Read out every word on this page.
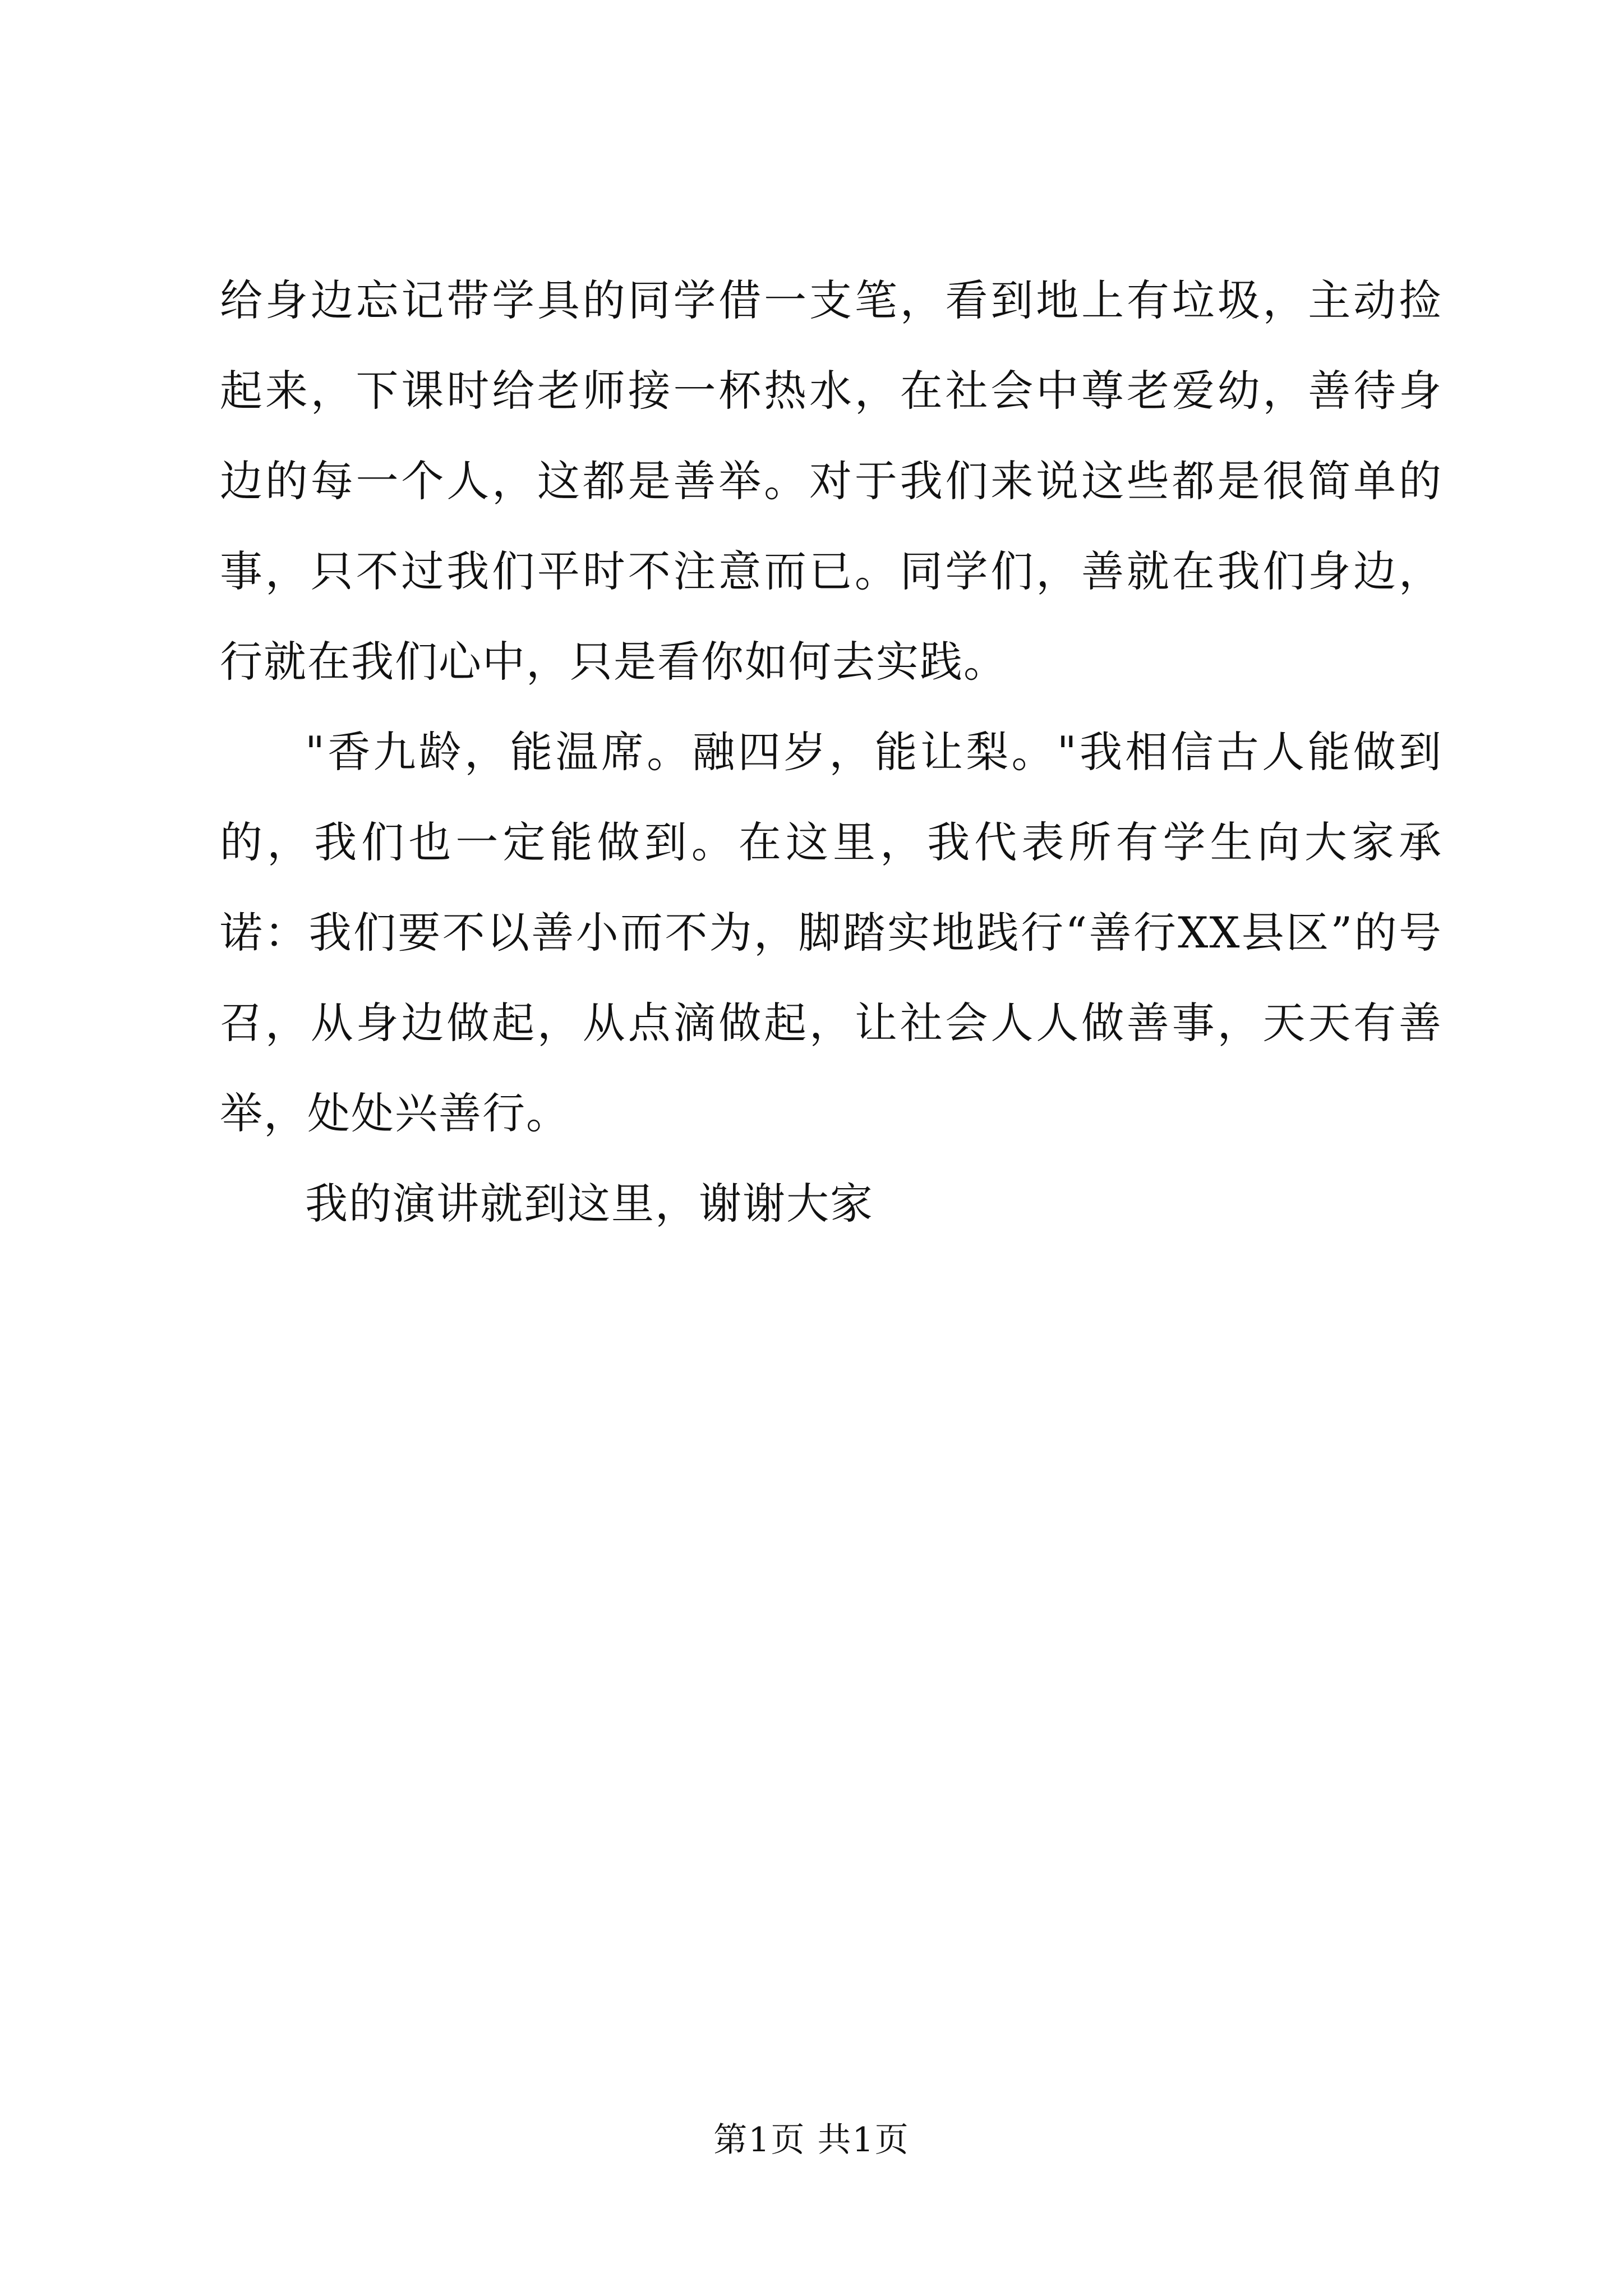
给身边忘记带学具的同学借一支笔，看到地上有垃圾，主动捡起来，下课时给老师接一杯热水，在社会中尊老爱幼，善待身边的每一个人，这都是善举。对于我们来说这些都是很简单的事，只不过我们平时不注意而已。同学们，善就在我们身边，行就在我们心中，只是看你如何去实践。

"香九龄，能温席。融四岁，能让梨。"我相信古人能做到的，我们也一定能做到。在这里，我代表所有学生向大家承诺：我们要不以善小而不为，脚踏实地践行“善行XX县区”的号召，从身边做起，从点滴做起，让社会人人做善事，天天有善举，处处兴善行。

我的演讲就到这里，谢谢大家

第1页 共1页
